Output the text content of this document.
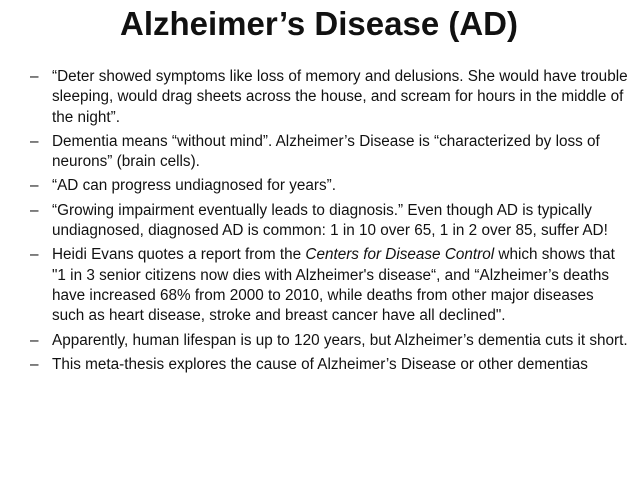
Alzheimer’s Disease (AD)
– “Deter showed symptoms like loss of memory and delusions. She would have trouble sleeping, would drag sheets across the house, and scream for hours in the middle of the night”.
– Dementia means “without mind”. Alzheimer’s Disease is “characterized by loss of neurons” (brain cells).
– “AD can progress undiagnosed for years”.
– “Growing impairment eventually leads to diagnosis.” Even though AD is typically undiagnosed, diagnosed AD is common: 1 in 10 over 65, 1 in 2 over 85, suffer AD!
– Heidi Evans quotes a report from the Centers for Disease Control which shows that "1 in 3 senior citizens now dies with Alzheimer's disease“, and “Alzheimer’s deaths have increased 68% from 2000 to 2010, while deaths from other major diseases such as heart disease, stroke and breast cancer have all declined".
– Apparently, human lifespan is up to 120 years, but Alzheimer’s dementia cuts it short.
– This meta-thesis explores the cause of Alzheimer’s Disease or other dementias
